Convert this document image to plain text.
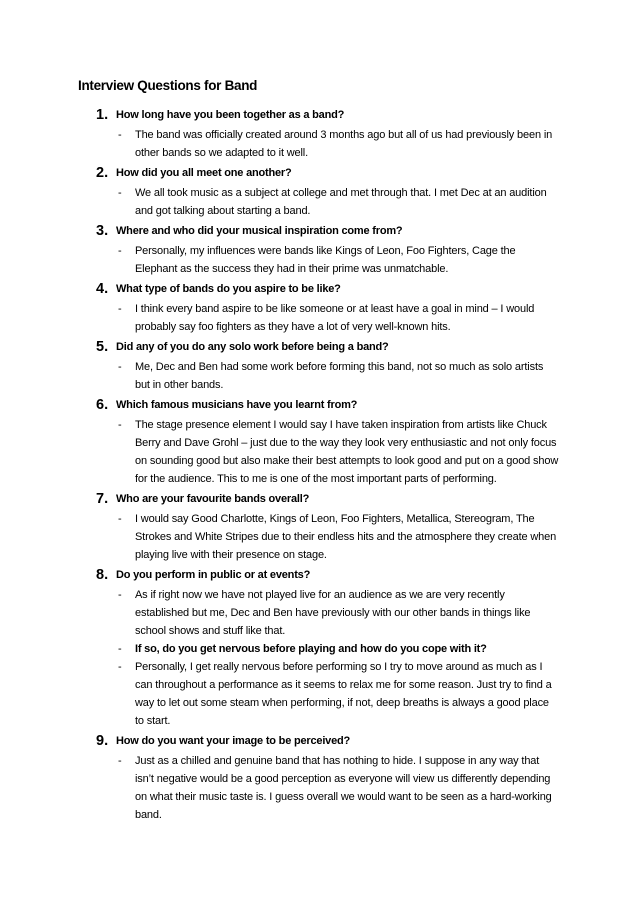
Interview Questions for Band
1. How long have you been together as a band?
-	The band was officially created around 3 months ago but all of us had previously been in other bands so we adapted to it well.

2. How did you all meet one another?
-	We all took music as a subject at college and met through that. I met Dec at an audition and got talking about starting a band.

3. Where and who did your musical inspiration come from?
-	Personally, my influences were bands like Kings of Leon, Foo Fighters, Cage the Elephant as the success they had in their prime was unmatchable.

4. What type of bands do you aspire to be like?
-	I think every band aspire to be like someone or at least have a goal in mind – I would probably say foo fighters as they have a lot of very well-known hits.

5. Did any of you do any solo work before being a band?
-	Me, Dec and Ben had some work before forming this band, not so much as solo artists but in other bands.

6. Which famous musicians have you learnt from?
-	The stage presence element I would say I have taken inspiration from artists like Chuck Berry and Dave Grohl – just due to the way they look very enthusiastic and not only focus on sounding good but also make their best attempts to look good and put on a good show for the audience. This to me is one of the most important parts of performing.

7. Who are your favourite bands overall?
-	I would say Good Charlotte, Kings of Leon, Foo Fighters, Metallica, Stereogram, The Strokes and White Stripes due to their endless hits and the atmosphere they create when playing live with their presence on stage.

8. Do you perform in public or at events?
-	As if right now we have not played live for an audience as we are very recently established but me, Dec and Ben have previously with our other bands in things like school shows and stuff like that.

-	If so, do you get nervous before playing and how do you cope with it?

-	Personally, I get really nervous before performing so I try to move around as much as I can throughout a performance as it seems to relax me for some reason. Just try to find a way to let out some steam when performing, if not, deep breaths is always a good place to start.

9. How do you want your image to be perceived?
-	Just as a chilled and genuine band that has nothing to hide. I suppose in any way that isn’t negative would be a good perception as everyone will view us differently depending on what their music taste is. I guess overall we would want to be seen as a hard-working band.
